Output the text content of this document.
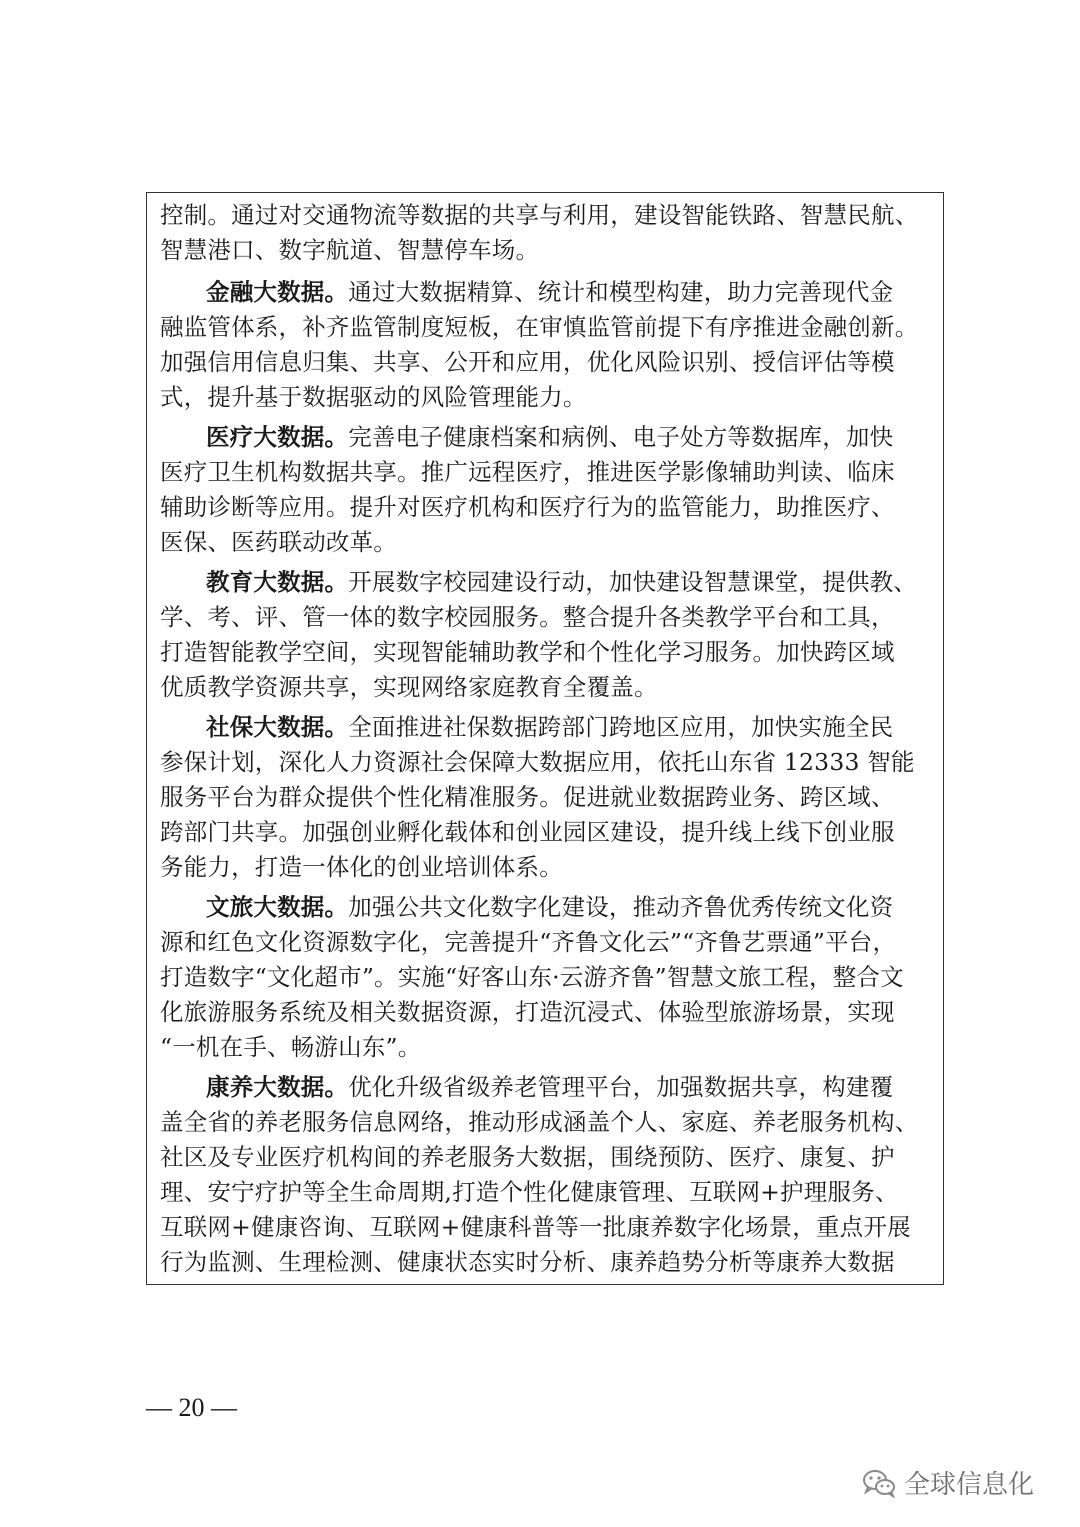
控制。通过对交通物流等数据的共享与利用，建设智能铁路、智慧民航、
智慧港口、数字航道、智慧停车场。
金融大数据。通过大数据精算、统计和模型构建，助力完善现代金
融监管体系，补齐监管制度短板，在审慎监管前提下有序推进金融创新。
加强信用信息归集、共享、公开和应用，优化风险识别、授信评估等模
式，提升基于数据驱动的风险管理能力。
医疗大数据。完善电子健康档案和病例、电子处方等数据库，加快
医疗卫生机构数据共享。推广远程医疗，推进医学影像辅助判读、临床
辅助诊断等应用。提升对医疗机构和医疗行为的监管能力，助推医疗、
医保、医药联动改革。
教育大数据。开展数字校园建设行动，加快建设智慧课堂，提供教、
学、考、评、管一体的数字校园服务。整合提升各类教学平台和工具，
打造智能教学空间，实现智能辅助教学和个性化学习服务。加快跨区域
优质教学资源共享，实现网络家庭教育全覆盖。
社保大数据。全面推进社保数据跨部门跨地区应用，加快实施全民
参保计划，深化人力资源社会保障大数据应用，依托山东省 12333 智能
服务平台为群众提供个性化精准服务。促进就业数据跨业务、跨区域、
跨部门共享。加强创业孵化载体和创业园区建设，提升线上线下创业服
务能力，打造一体化的创业培训体系。
文旅大数据。加强公共文化数字化建设，推动齐鲁优秀传统文化资
源和红色文化资源数字化，完善提升“齐鲁文化云”“齐鲁艺票通”平台，
打造数字“文化超市”。实施“好客山东·云游齐鲁”智慧文旅工程，整合文
化旅游服务系统及相关数据资源，打造沉浸式、体验型旅游场景，实现
“一机在手、畅游山东”。
康养大数据。优化升级省级养老管理平台，加强数据共享，构建覆
盖全省的养老服务信息网络，推动形成涵盖个人、家庭、养老服务机构、
社区及专业医疗机构间的养老服务大数据，围绕预防、医疗、康复、护
理、安宁疗护等全生命周期,打造个性化健康管理、互联网+护理服务、
互联网+健康咨询、互联网+健康科普等一批康养数字化场景，重点开展
行为监测、生理检测、健康状态实时分析、康养趋势分析等康养大数据
— 20 —
全球信息化
